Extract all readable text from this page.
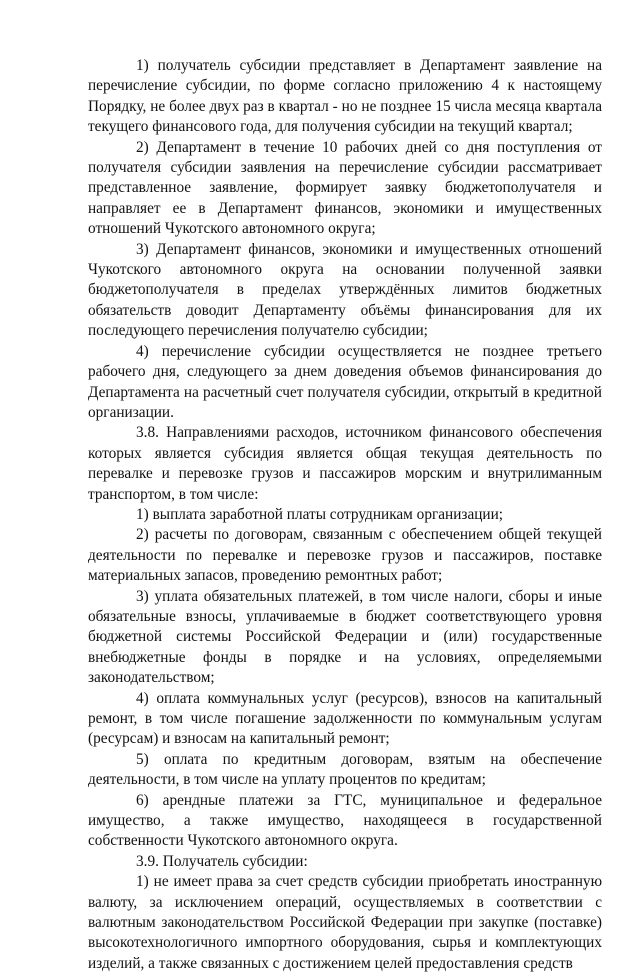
1) получатель субсидии представляет в Департамент заявление на перечисление субсидии, по форме согласно приложению 4 к настоящему Порядку, не более двух раз в квартал - но не позднее 15 числа месяца квартала текущего финансового года, для получения субсидии на текущий квартал;

2) Департамент в течение 10 рабочих дней со дня поступления от получателя субсидии заявления на перечисление субсидии рассматривает представленное заявление, формирует заявку бюджетополучателя и направляет ее в Департамент финансов, экономики и имущественных отношений Чукотского автономного округа;

3) Департамент финансов, экономики и имущественных отношений Чукотского автономного округа на основании полученной заявки бюджетополучателя в пределах утверждённых лимитов бюджетных обязательств доводит Департаменту объёмы финансирования для их последующего перечисления получателю субсидии;

4) перечисление субсидии осуществляется не позднее третьего рабочего дня, следующего за днем доведения объемов финансирования до Департамента на расчетный счет получателя субсидии, открытый в кредитной организации.

3.8. Направлениями расходов, источником финансового обеспечения которых является субсидия является общая текущая деятельность по перевалке и перевозке грузов и пассажиров морским и внутрилиманным транспортом, в том числе:

1) выплата заработной платы сотрудникам организации;

2) расчеты по договорам, связанным с обеспечением общей текущей деятельности по перевалке и перевозке грузов и пассажиров, поставке материальных запасов, проведению ремонтных работ;

3) уплата обязательных платежей, в том числе налоги, сборы и иные обязательные взносы, уплачиваемые в бюджет соответствующего уровня бюджетной системы Российской Федерации и (или) государственные внебюджетные фонды в порядке и на условиях, определяемыми законодательством;

4) оплата коммунальных услуг (ресурсов), взносов на капитальный ремонт, в том числе погашение задолженности по коммунальным услугам (ресурсам) и взносам на капитальный ремонт;

5) оплата по кредитным договорам, взятым на обеспечение деятельности, в том числе на уплату процентов по кредитам;

6) арендные платежи за ГТС, муниципальное и федеральное имущество, а также имущество, находящееся в государственной собственности Чукотского автономного округа.

3.9. Получатель субсидии:

1) не имеет права за счет средств субсидии приобретать иностранную валюту, за исключением операций, осуществляемых в соответствии с валютным законодательством Российской Федерации при закупке (поставке) высокотехнологичного импортного оборудования, сырья и комплектующих изделий, а также связанных с достижением целей предоставления средств
